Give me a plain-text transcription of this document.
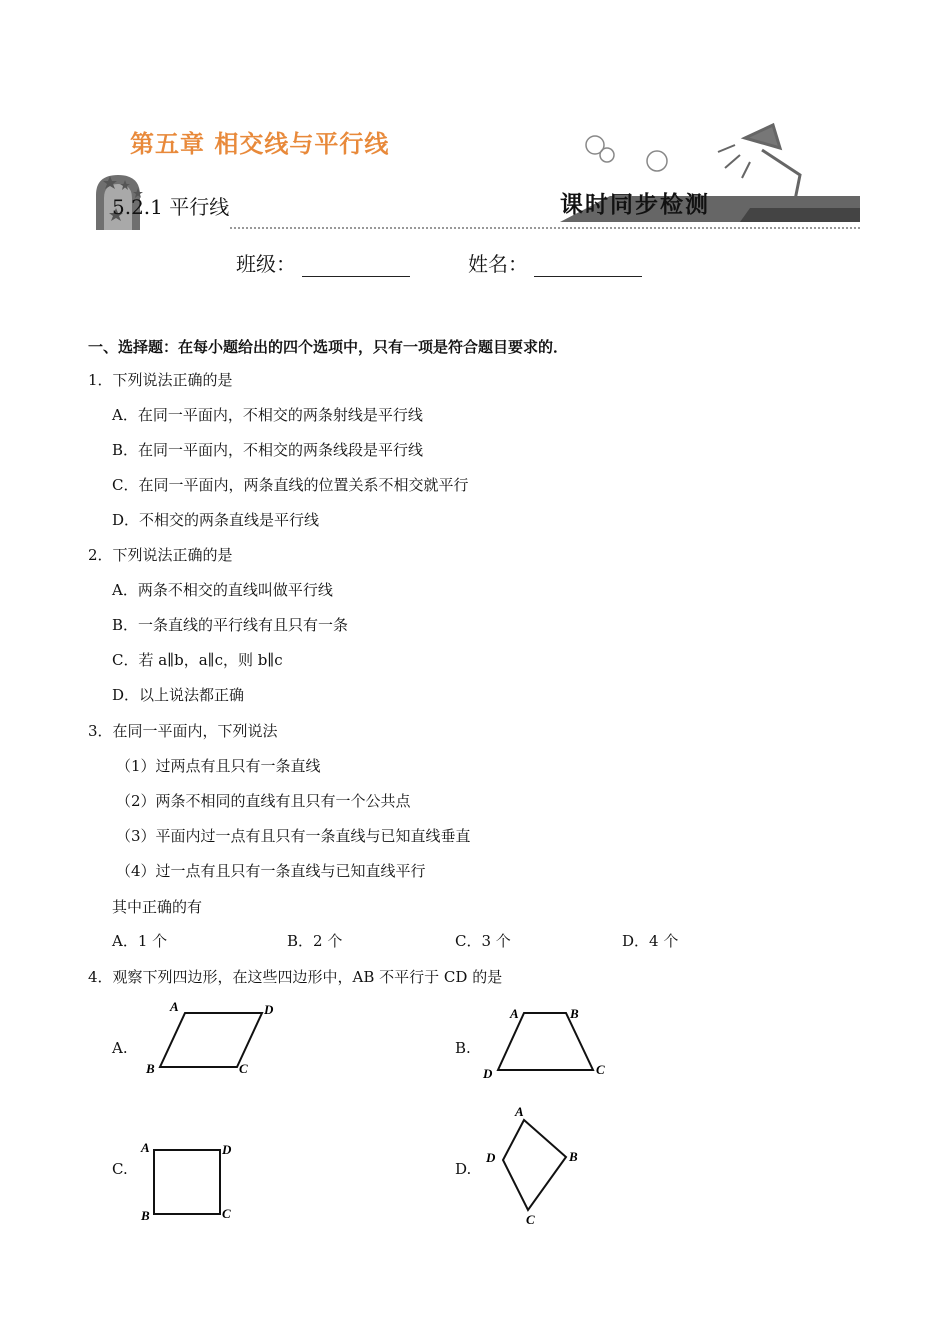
第五章 相交线与平行线
5.2.1 平行线	课时同步检测
班级：	姓名：
一、选择题：在每小题给出的四个选项中，只有一项是符合题目要求的．
1．下列说法正确的是
A．在同一平面内，不相交的两条射线是平行线
B．在同一平面内，不相交的两条线段是平行线
C．在同一平面内，两条直线的位置关系不相交就平行
D．不相交的两条直线是平行线
2．下列说法正确的是
A．两条不相交的直线叫做平行线
B．一条直线的平行线有且只有一条
C．若 a∥b，a∥c，则 b∥c
D．以上说法都正确
3．在同一平面内，下列说法
（1）过两点有且只有一条直线
（2）两条不相同的直线有且只有一个公共点
（3）平面内过一点有且只有一条直线与已知直线垂直
（4）过一点有且只有一条直线与已知直线平行
其中正确的有
A．1 个	B．2 个	C．3 个	D．4 个
4．观察下列四边形，在这些四边形中，AB 不平行于 CD 的是
A.	B.
C.	D.
A	D
B	C
A	B
D	C
A	D
B	C
A
B
D
C
